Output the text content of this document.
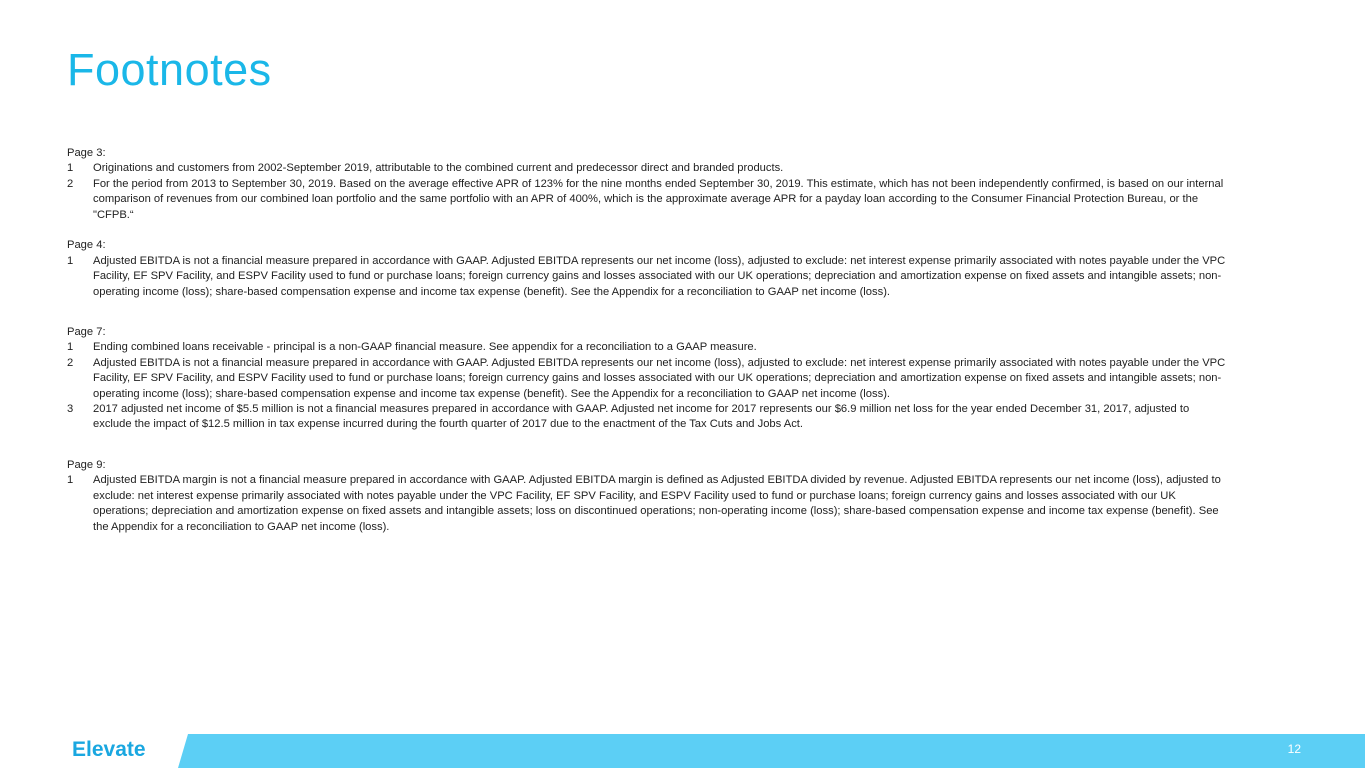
Footnotes
Page 3:
1	Originations and customers from 2002-September 2019, attributable to the combined current and predecessor direct and branded products.
2	For the period from 2013 to September 30, 2019. Based on the average effective APR of 123% for the nine months ended September 30, 2019. This estimate, which has not been independently confirmed, is based on our internal comparison of revenues from our combined loan portfolio and the same portfolio with an APR of 400%, which is the approximate average APR for a payday loan according to the Consumer Financial Protection Bureau, or the "CFPB.“
Page 4:
1	Adjusted EBITDA is not a financial measure prepared in accordance with GAAP. Adjusted EBITDA represents our net income (loss), adjusted to exclude: net interest expense primarily associated with notes payable under the VPC Facility, EF SPV Facility, and ESPV Facility used to fund or purchase loans; foreign currency gains and losses associated with our UK operations; depreciation and amortization expense on fixed assets and intangible assets; non-operating income (loss); share-based compensation expense and income tax expense (benefit). See the Appendix for a reconciliation to GAAP net income (loss).
Page 7:
1	Ending combined loans receivable - principal is a non-GAAP financial measure. See appendix for a reconciliation to a GAAP measure.
2	Adjusted EBITDA is not a financial measure prepared in accordance with GAAP. Adjusted EBITDA represents our net income (loss), adjusted to exclude: net interest expense primarily associated with notes payable under the VPC Facility, EF SPV Facility, and ESPV Facility used to fund or purchase loans; foreign currency gains and losses associated with our UK operations; depreciation and amortization expense on fixed assets and intangible assets; non-operating income (loss); share-based compensation expense and income tax expense (benefit). See the Appendix for a reconciliation to GAAP net income (loss).
3	2017 adjusted net income of $5.5 million is not a financial measures prepared in accordance with GAAP. Adjusted net income for 2017 represents our $6.9 million net loss for the year ended December 31, 2017, adjusted to exclude the impact of $12.5 million in tax expense incurred during the fourth quarter of 2017 due to the enactment of the Tax Cuts and Jobs Act.
Page 9:
1	Adjusted EBITDA margin is not a financial measure prepared in accordance with GAAP. Adjusted EBITDA margin is defined as Adjusted EBITDA divided by revenue. Adjusted EBITDA represents our net income (loss), adjusted to exclude: net interest expense primarily associated with notes payable under the VPC Facility, EF SPV Facility, and ESPV Facility used to fund or purchase loans; foreign currency gains and losses associated with our UK operations; depreciation and amortization expense on fixed assets and intangible assets; loss on discontinued operations; non-operating income (loss); share-based compensation expense and income tax expense (benefit). See the Appendix for a reconciliation to GAAP net income (loss).
Elevate	12
